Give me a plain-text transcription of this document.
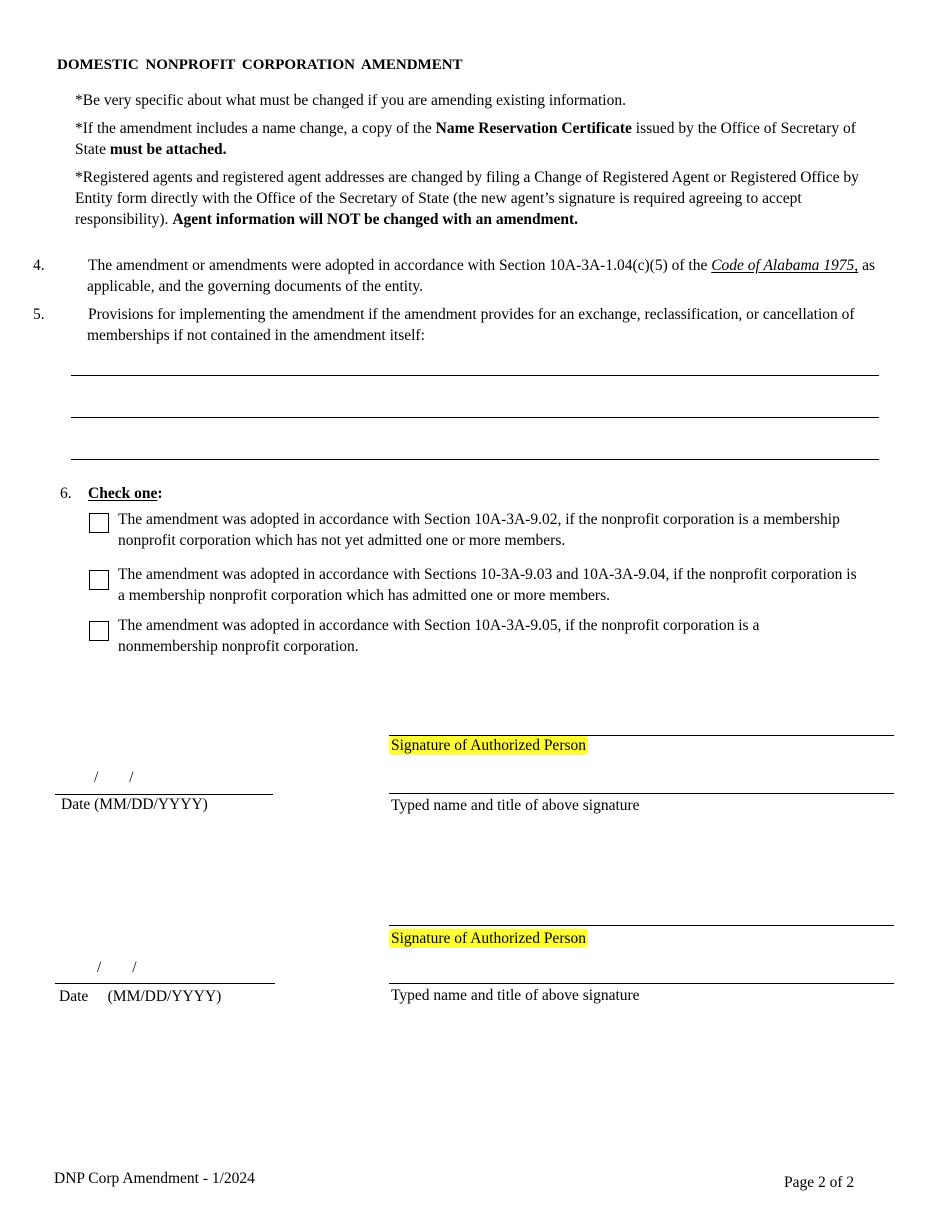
DOMESTIC NONPROFIT CORPORATION AMENDMENT
*Be very specific about what must be changed if you are amending existing information.
*If the amendment includes a name change, a copy of the Name Reservation Certificate issued by the Office of Secretary of State must be attached.
*Registered agents and registered agent addresses are changed by filing a Change of Registered Agent or Registered Office by Entity form directly with the Office of the Secretary of State (the new agent’s signature is required agreeing to accept responsibility). Agent information will NOT be changed with an amendment.
4.	The amendment or amendments were adopted in accordance with Section 10A-3A-1.04(c)(5) of the Code of Alabama 1975, as applicable, and the governing documents of the entity.
5.	Provisions for implementing the amendment if the amendment provides for an exchange, reclassification, or cancellation of memberships if not contained in the amendment itself:
6. Check one:
The amendment was adopted in accordance with Section 10A-3A-9.02, if the nonprofit corporation is a membership nonprofit corporation which has not yet admitted one or more members.
The amendment was adopted in accordance with Sections 10-3A-9.03 and 10A-3A-9.04, if the nonprofit corporation is a membership nonprofit corporation which has admitted one or more members.
The amendment was adopted in accordance with Section 10A-3A-9.05, if the nonprofit corporation is a nonmembership nonprofit corporation.
Signature of Authorized Person
Typed name and title of above signature
/        /
Date (MM/DD/YYYY)
Signature of Authorized Person
Typed name and title of above signature
/        /
Date     (MM/DD/YYYY)
DNP Corp Amendment - 1/2024	Page 2 of 2
